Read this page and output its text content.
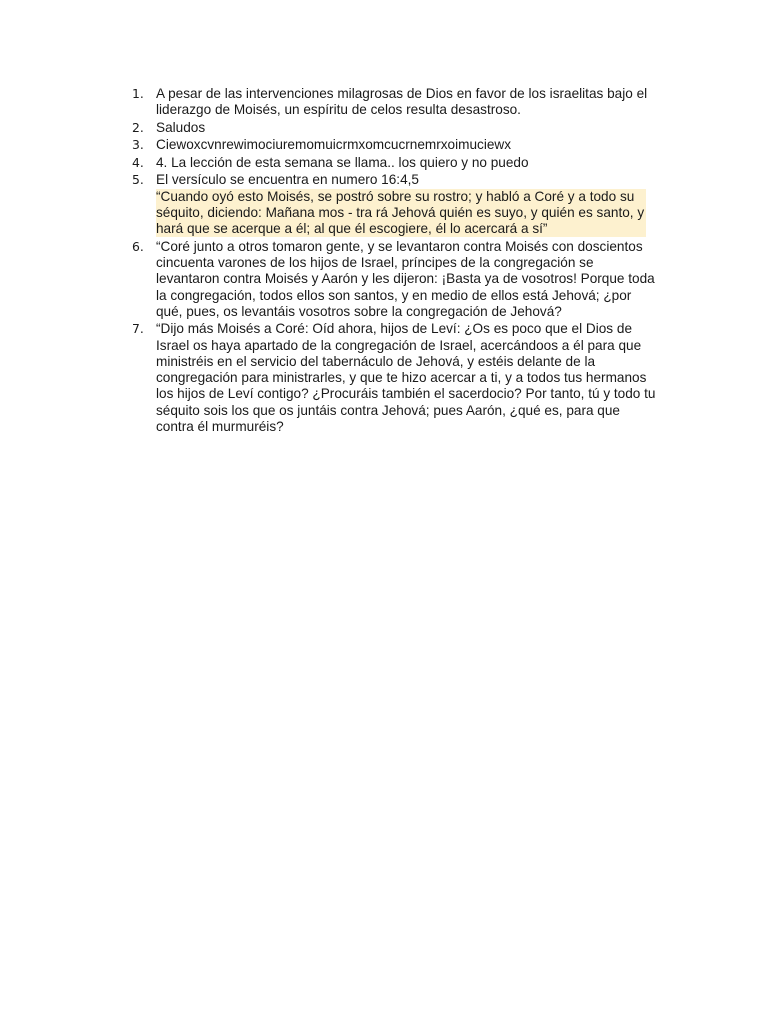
1. A pesar de las intervenciones milagrosas de Dios en favor de los israelitas bajo el liderazgo de Moisés, un espíritu de celos resulta desastroso.
2. Saludos
3. Ciewoxcvnrewimociuremomuicrmxomcucrnemrxoimuciewx
4. 4. La lección de esta semana se llama.. los quiero y no puedo
5. El versículo se encuentra en numero 16:4,5
“Cuando oyó esto Moisés, se postró sobre su rostro; y habló a Coré y a todo su séquito, diciendo: Mañana mos - tra rá Jehová quién es suyo, y quién es santo, y hará que se acerque a él; al que él escogiere, él lo acercará a sí”
6. “Coré junto a otros tomaron gente, y se levantaron contra Moisés con doscientos cincuenta varones de los hijos de Israel, príncipes de la congregación se levantaron contra Moisés y Aarón y les dijeron: ¡Basta ya de vosotros! Porque toda la congregación, todos ellos son santos, y en medio de ellos está Jehová; ¿por qué, pues, os levantáis vosotros sobre la congregación de Jehová?
7. “Dijo más Moisés a Coré: Oíd ahora, hijos de Leví: ¿Os es poco que el Dios de Israel os haya apartado de la congregación de Israel, acercándoos a él para que ministréis en el servicio del tabernáculo de Jehová, y estéis delante de la congregación para ministrarles, y que te hizo acercar a ti, y a todos tus hermanos los hijos de Leví contigo? ¿Procuráis también el sacerdocio? Por tanto, tú y todo tu séquito sois los que os juntáis contra Jehová; pues Aarón, ¿qué es, para que contra él murmuréis?
